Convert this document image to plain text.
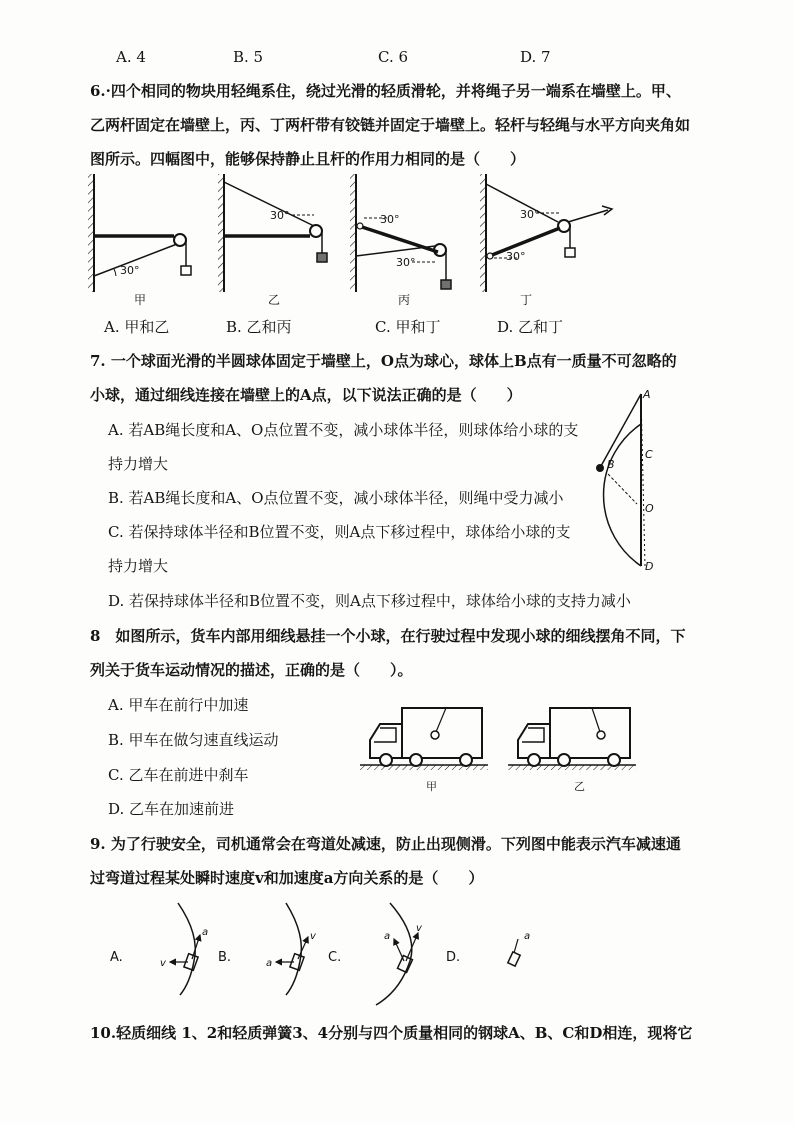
A. 4	B. 5	C. 6	D. 7
6.·四个相同的物块用轻绳系住，绕过光滑的轻质滑轮，并将绳子另一端系在墙壁上。甲、
乙两杆固定在墙壁上，丙、丁两杆带有铰链并固定于墙壁上。轻杆与轻绳与水平方向夹角如
图所示。四幅图中，能够保持静止且杆的作用力相同的是（　　）
30°
甲
30°
乙
30°
30°
丙
30°
30°
丁
A. 甲和乙	B. 乙和丙	C. 甲和丁	D. 乙和丁
7. 一个球面光滑的半圆球体固定于墙壁上，O点为球心，球体上B点有一质量不可忽略的
小球，通过细线连接在墙壁上的A点，以下说法正确的是（　　）
A. 若AB绳长度和A、O点位置不变，减小球体半径，则球体给小球的支
持力增大
B. 若AB绳长度和A、O点位置不变，减小球体半径，则绳中受力减小
C. 若保持球体半径和B位置不变，则A点下移过程中，球体给小球的支
持力增大
D. 若保持球体半径和B位置不变，则A点下移过程中，球体给小球的支持力减小
A
C
B
O
D
8　如图所示，货车内部用细线悬挂一个小球，在行驶过程中发现小球的细线摆角不同，下
列关于货车运动情况的描述，正确的是（　　）。
A. 甲车在前行中加速
B. 甲车在做匀速直线运动
C. 乙车在前进中刹车
D. 乙车在加速前进
甲	乙
9. 为了行驶安全，司机通常会在弯道处减速，防止出现侧滑。下列图中能表示汽车减速通
过弯道过程某处瞬时速度v和加速度a方向关系的是（　　）
A.	v
a
B.	a
v
C.
a
v
D.
a
10.轻质细线 1、2和轻质弹簧3、4分别与四个质量相同的钢球A、B、C和D相连，现将它
